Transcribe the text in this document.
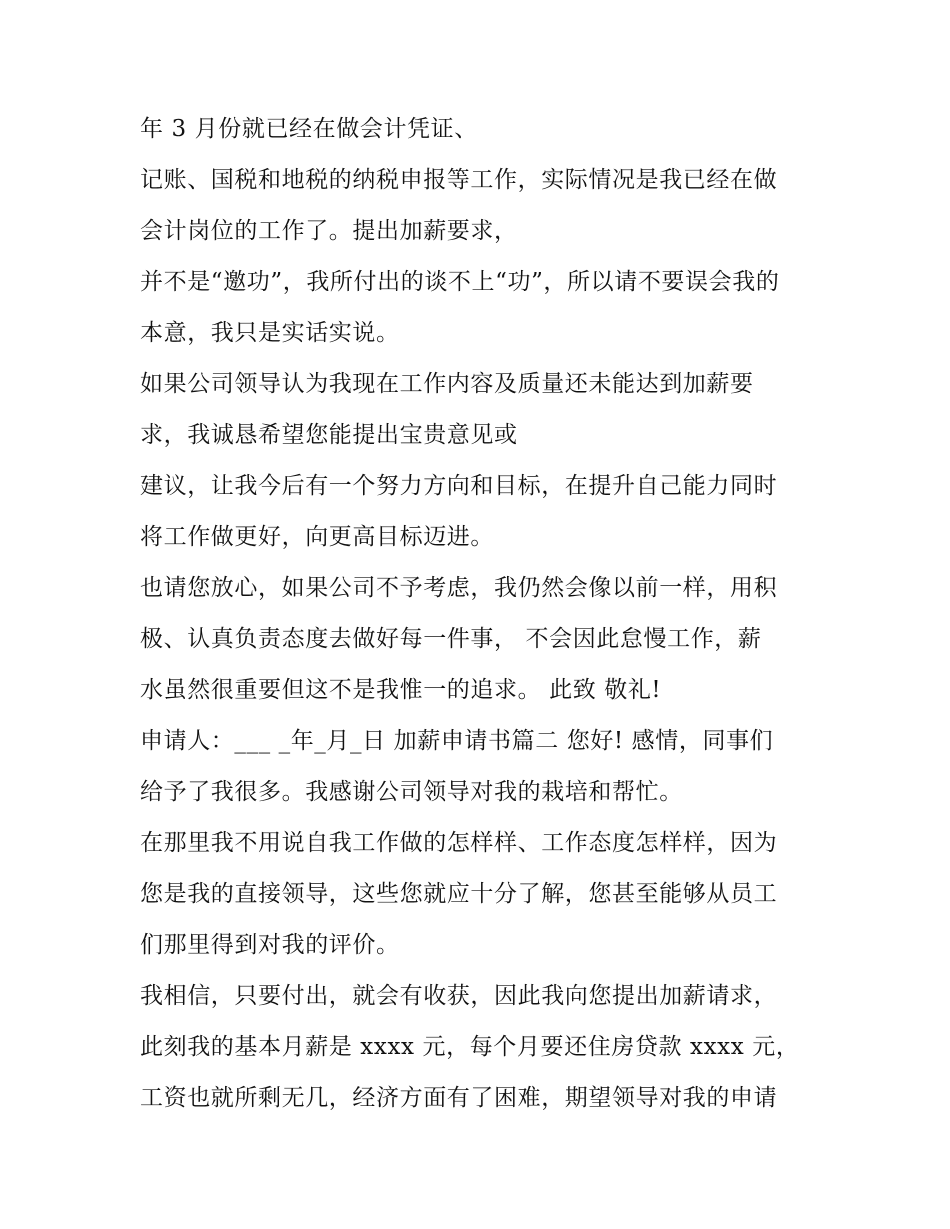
年 3 月份就已经在做会计凭证、
记账、国税和地税的纳税申报等工作，实际情况是我已经在做
会计岗位的工作了。提出加薪要求，
并不是“邀功”，我所付出的谈不上“功”，所以请不要误会我的
本意，我只是实话实说。
如果公司领导认为我现在工作内容及质量还未能达到加薪要
求，我诚恳希望您能提出宝贵意见或
建议，让我今后有一个努力方向和目标，在提升自己能力同时
将工作做更好，向更高目标迈进。
也请您放心，如果公司不予考虑，我仍然会像以前一样，用积
极、认真负责态度去做好每一件事， 不会因此怠慢工作，薪
水虽然很重要但这不是我惟一的追求。 此致 敬礼!
申请人：___ _年_月_日 加薪申请书篇二 您好! 感情，同事们
给予了我很多。我感谢公司领导对我的栽培和帮忙。
在那里我不用说自我工作做的怎样样、工作态度怎样样，因为
您是我的直接领导，这些您就应十分了解，您甚至能够从员工
们那里得到对我的评价。
我相信，只要付出，就会有收获，因此我向您提出加薪请求，
此刻我的基本月薪是 xxxx 元，每个月要还住房贷款 xxxx 元，
工资也就所剩无几，经济方面有了困难，期望领导对我的申请
